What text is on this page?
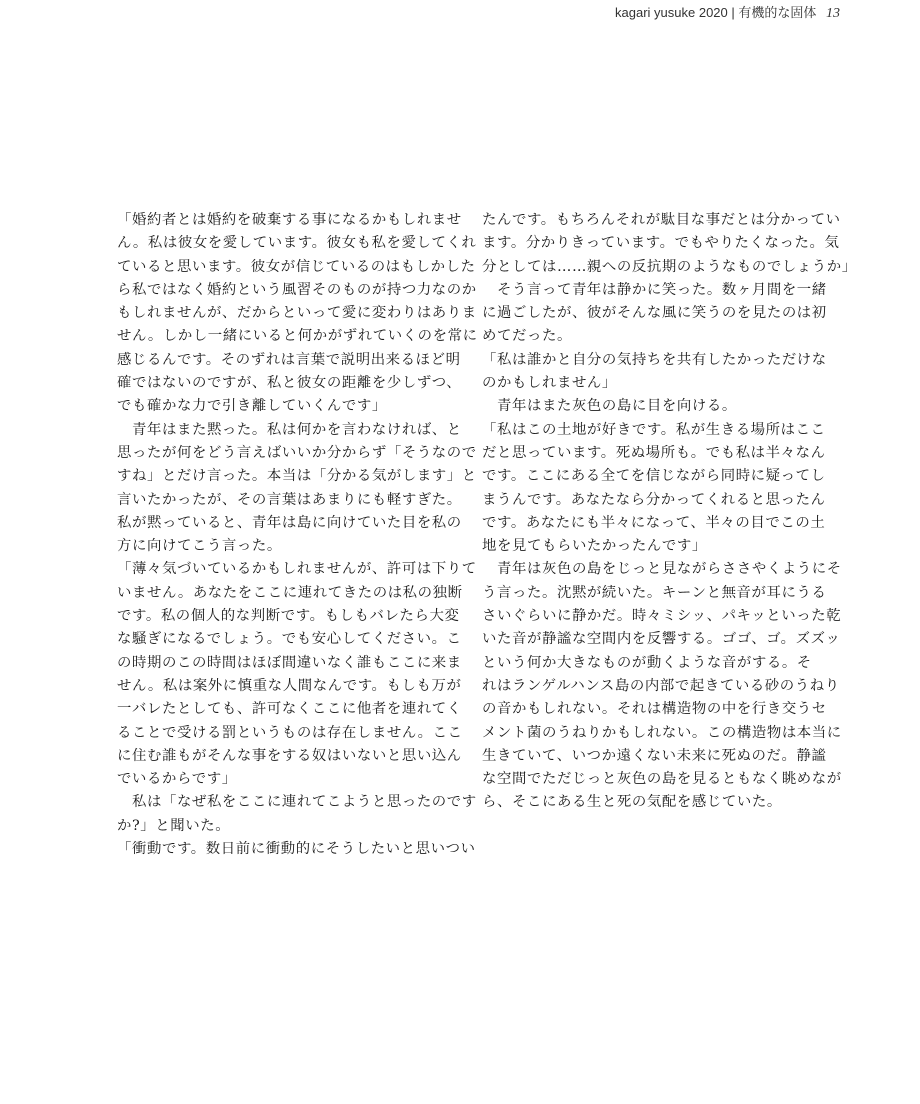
kagari yusuke 2020 | 有機的な固体 13
「婚約者とは婚約を破棄する事になるかもしれませ
ん。私は彼女を愛しています。彼女も私を愛してくれ
ていると思います。彼女が信じているのはもしかした
ら私ではなく婚約という風習そのものが持つ力なのか
もしれませんが、だからといって愛に変わりはありま
せん。しかし一緒にいると何かがずれていくのを常に
感じるんです。そのずれは言葉で説明出来るほど明
確ではないのですが、私と彼女の距離を少しずつ、
でも確かな力で引き離していくんです」
　青年はまた黙った。私は何かを言わなければ、と
思ったが何をどう言えばいいか分からず「そうなので
すね」とだけ言った。本当は「分かる気がします」と
言いたかったが、その言葉はあまりにも軽すぎた。
私が黙っていると、青年は島に向けていた目を私の
方に向けてこう言った。
「薄々気づいているかもしれませんが、許可は下りて
いません。あなたをここに連れてきたのは私の独断
です。私の個人的な判断です。もしもバレたら大変
な騒ぎになるでしょう。でも安心してください。こ
の時期のこの時間はほぼ間違いなく誰もここに来ま
せん。私は案外に慎重な人間なんです。もしも万が
一バレたとしても、許可なくここに他者を連れてく
ることで受ける罰というものは存在しません。ここ
に住む誰もがそんな事をする奴はいないと思い込ん
でいるからです」
　私は「なぜ私をここに連れてこようと思ったのです
か?」と聞いた。
「衝動です。数日前に衝動的にそうしたいと思いつい
たんです。もちろんそれが駄目な事だとは分かってい
ます。分かりきっています。でもやりたくなった。気
分としては……親への反抗期のようなものでしょうか」
　そう言って青年は静かに笑った。数ヶ月間を一緒
に過ごしたが、彼がそんな風に笑うのを見たのは初
めてだった。
「私は誰かと自分の気持ちを共有したかっただけな
のかもしれません」
　青年はまた灰色の島に目を向ける。
「私はこの土地が好きです。私が生きる場所はここ
だと思っています。死ぬ場所も。でも私は半々なん
です。ここにある全てを信じながら同時に疑ってし
まうんです。あなたなら分かってくれると思ったん
です。あなたにも半々になって、半々の目でこの土
地を見てもらいたかったんです」
　青年は灰色の島をじっと見ながらささやくようにそ
う言った。沈黙が続いた。キーンと無音が耳にうる
さいぐらいに静かだ。時々ミシッ、パキッといった乾
いた音が静謐な空間内を反響する。ゴゴ、ゴ。ズズッ
という何か大きなものが動くような音がする。そ
れはランゲルハンス島の内部で起きている砂のうねり
の音かもしれない。それは構造物の中を行き交うセ
メント菌のうねりかもしれない。この構造物は本当に
生きていて、いつか遠くない未来に死ぬのだ。静謐
な空間でただじっと灰色の島を見るともなく眺めなが
ら、そこにある生と死の気配を感じていた。
